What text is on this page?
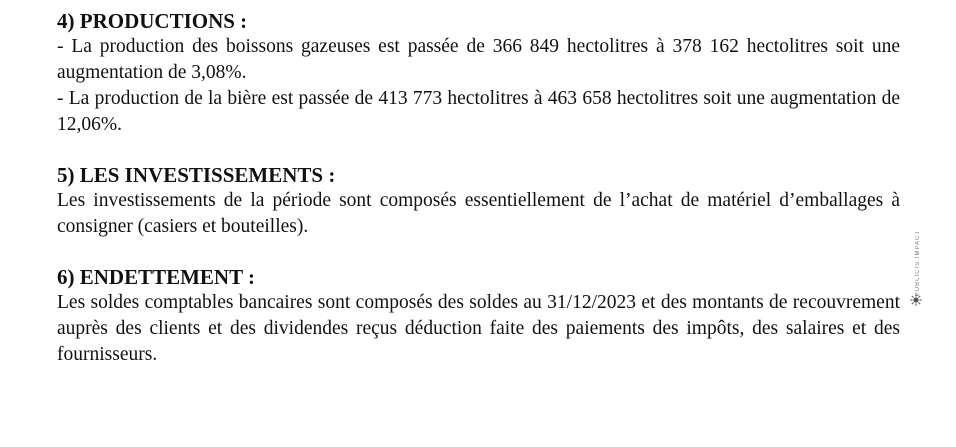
4) PRODUCTIONS :

- La production des boissons gazeuses est passée de 366 849 hectolitres à 378 162 hectolitres soit une augmentation de 3,08%.

- La production de la bière est passée de 413 773 hectolitres à 463 658 hectolitres soit une augmentation de 12,06%.

5) LES INVESTISSEMENTS :

Les investissements de la période sont composés essentiellement de l’achat de matériel d’emballages à consigner (casiers et bouteilles).

6) ENDETTEMENT :

Les soldes comptables bancaires sont composés des soldes au 31/12/2023 et des montants de recouvrement auprès des clients et des dividendes reçus déduction faite des paiements des impôts, des salaires et des fournisseurs.

PUBLICIS IMPACT
